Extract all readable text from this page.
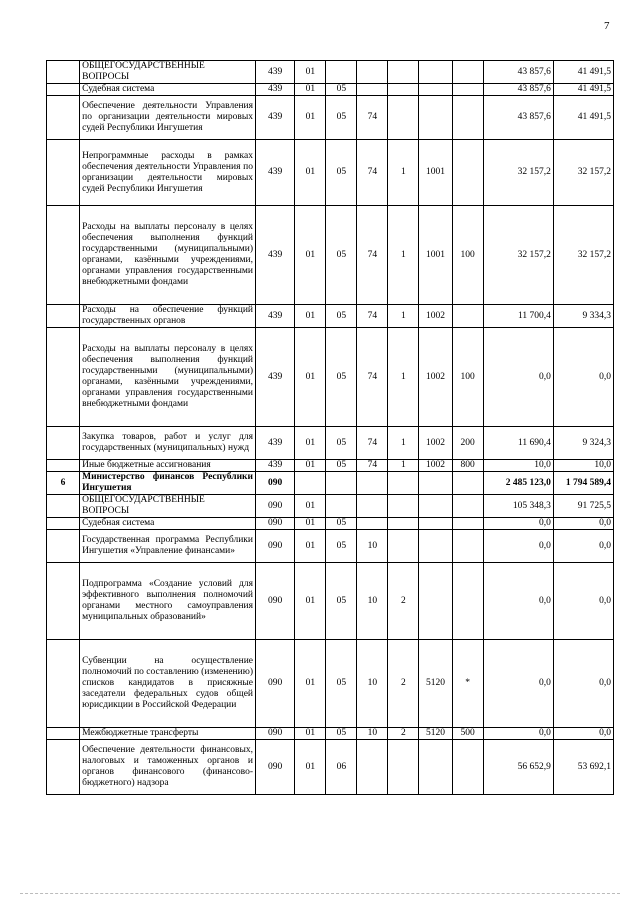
7
	ОБЩЕГОСУДАРСТВЕННЫЕ ВОПРОСЫ	439	01						43 857,6	41 491,5
	Судебная система	439	01	05					43 857,6	41 491,5
	Обеспечение деятельности Управления по организации деятельности мировых судей Республики Ингушетия	439	01	05	74				43 857,6	41 491,5
	Непрограммные расходы в рамках обеспечения деятельности Управления по организации деятельности мировых судей Республики Ингушетия	439	01	05	74	1	1001		32 157,2	32 157,2
	Расходы на выплаты персоналу в целях обеспечения выполнения функций государственными (муниципальными) органами, казёнными учреждениями, органами управления государственными внебюджетными фондами	439	01	05	74	1	1001	100	32 157,2	32 157,2
	Расходы на обеспечение функций государственных органов	439	01	05	74	1	1002		11 700,4	9 334,3
	Расходы на выплаты персоналу в целях обеспечения выполнения функций государственными (муниципальными) органами, казёнными учреждениями, органами управления государственными внебюджетными фондами	439	01	05	74	1	1002	100	0,0	0,0
	Закупка товаров, работ и услуг для государственных (муниципальных) нужд	439	01	05	74	1	1002	200	11 690,4	9 324,3
	Иные бюджетные ассигнования	439	01	05	74	1	1002	800	10,0	10,0
6	Министерство финансов Республики Ингушетия	090							2 485 123,0	1 794 589,4
	ОБЩЕГОСУДАРСТВЕННЫЕ ВОПРОСЫ	090	01						105 348,3	91 725,5
	Судебная система	090	01	05					0,0	0,0
	Государственная программа Республики Ингушетия «Управление финансами»	090	01	05	10				0,0	0,0
	Подпрограмма «Создание условий для эффективного выполнения полномочий органами местного самоуправления муниципальных образований»	090	01	05	10	2			0,0	0,0
	Субвенции на осуществление полномочий по составлению (изменению) списков кандидатов в присяжные заседатели федеральных судов общей юрисдикции в Российской Федерации	090	01	05	10	2	5120	*	0,0	0,0
	Межбюджетные трансферты	090	01	05	10	2	5120	500	0,0	0,0
	Обеспечение деятельности финансовых, налоговых и таможенных органов и органов финансового (финансово-бюджетного) надзора	090	01	06					56 652,9	53 692,1
